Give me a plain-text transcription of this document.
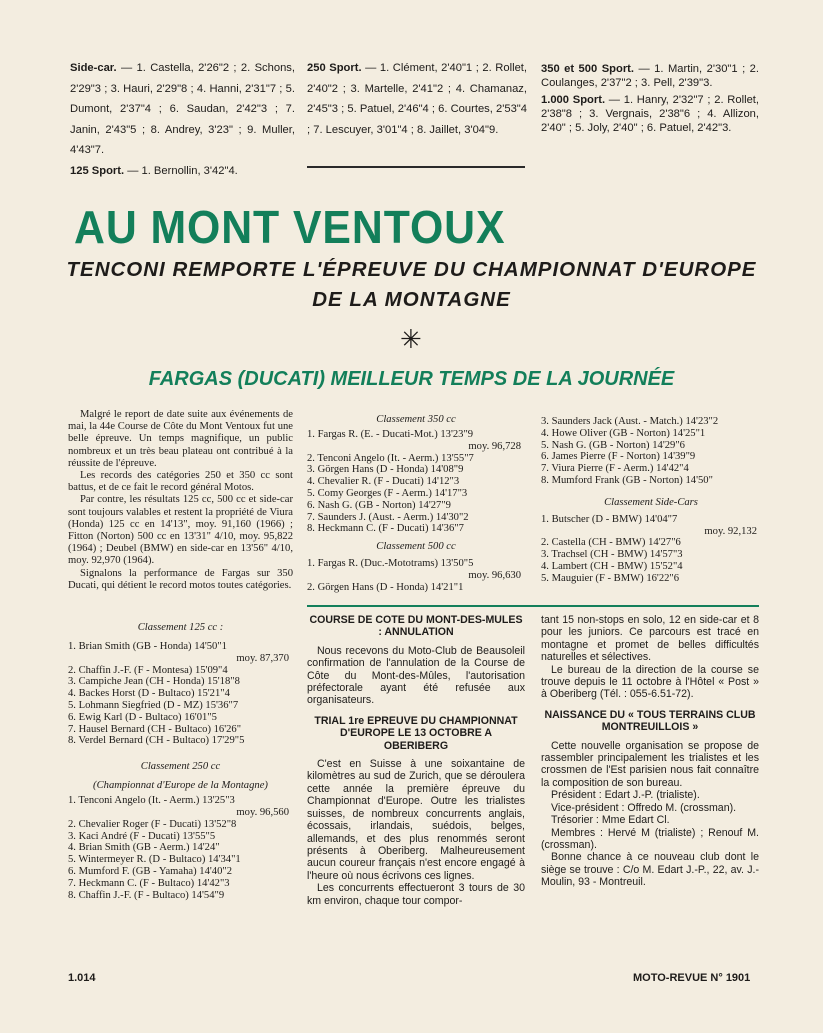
Side-car. — 1. Castella, 2'26"2 ; 2. Schons, 2'29"3 ; 3. Hauri, 2'29"8 ; 4. Hanni, 2'31"7 ; 5. Dumont, 2'37"4 ; 6. Saudan, 2'42"3 ; 7. Janin, 2'43"5 ; 8. Andrey, 3'23" ; 9. Muller, 4'43"7.

125 Sport. — 1. Bernollin, 3'42"4.

250 Sport. — 1. Clément, 2'40"1 ; 2. Rollet, 2'40"2 ; 3. Martelle, 2'41"2 ; 4. Chamanaz, 2'45"3 ; 5. Patuel, 2'46"4 ; 6. Courtes, 2'53"4 ; 7. Lescuyer, 3'01"4 ; 8. Jaillet, 3'04"9.

350 et 500 Sport. — 1. Martin, 2'30"1 ; 2. Coulanges, 2'37"2 ; 3. Pell, 2'39"3.

1.000 Sport. — 1. Hanry, 2'32"7 ; 2. Rollet, 2'38"8 ; 3. Vergnais, 2'38"6 ; 4. Allizon, 2'40" ; 5. Joly, 2'40" ; 6. Patuel, 2'42"3.

AU MONT VENTOUX
TENCONI REMPORTE L'ÉPREUVE DU CHAMPIONNAT D'EUROPE
DE LA MONTAGNE
✳
FARGAS (DUCATI) MEILLEUR TEMPS DE LA JOURNÉE

Malgré le report de date suite aux événements de mai, la 44e Course de Côte du Mont Ventoux fut une belle épreuve. Un temps magnifique, un public nombreux et un très beau plateau ont contribué à la réussite de l'épreuve.

Les records des catégories 250 et 350 cc sont battus, et de ce fait le record général Motos.

Par contre, les résultats 125 cc, 500 cc et side-car sont toujours valables et restent la propriété de Viura (Honda) 125 cc en 14'13", moy. 91,160 (1966) ; Fitton (Norton) 500 cc en 13'31" 4/10, moy. 95,822 (1964) ; Deubel (BMW) en side-car en 13'56" 4/10, moy. 92,970 (1964).

Signalons la performance de Fargas sur 350 Ducati, qui détient le record motos toutes catégories.

Classement 125 cc :
1. Brian Smith (GB - Honda) 14'50"1
moy. 87,370
2. Chaffin J.-F. (F - Montesa) 15'09"4
3. Campiche Jean (CH - Honda) 15'18"8
4. Backes Horst (D - Bultaco) 15'21"4
5. Lohmann Siegfried (D - MZ) 15'36"7
6. Ewig Karl (D - Bultaco) 16'01"5
7. Hausel Bernard (CH - Bultaco) 16'26"
8. Verdel Bernard (CH - Bultaco) 17'29"5
Classement 250 cc
(Championnat d'Europe de la Montagne)
1. Tenconi Angelo (It. - Aerm.) 13'25"3
moy. 96,560
2. Chevalier Roger (F - Ducati) 13'52"8
3. Kaci André (F - Ducati) 13'55"5
4. Brian Smith (GB - Aerm.) 14'24"
5. Wintermeyer R. (D - Bultaco) 14'34"1
6. Mumford F. (GB - Yamaha) 14'40"2
7. Heckmann C. (F - Bultaco) 14'42"3
8. Chaffin J.-F. (F - Bultaco) 14'54"9
Classement 350 cc
1. Fargas R. (E. - Ducati-Mot.) 13'23"9
moy. 96,728
2. Tenconi Angelo (It. - Aerm.) 13'55"7
3. Görgen Hans (D - Honda) 14'08"9
4. Chevalier R. (F - Ducati) 14'12"3
5. Comy Georges (F - Aerm.) 14'17"3
6. Nash G. (GB - Norton) 14'27"9
7. Saunders J. (Aust. - Aerm.) 14'30"2
8. Heckmann C. (F - Ducati) 14'36"7
Classement 500 cc
1. Fargas R. (Duc.-Mototrams) 13'50"5
moy. 96,630
2. Görgen Hans (D - Honda) 14'21"1
3. Saunders Jack (Aust. - Match.) 14'23"2
4. Howe Oliver (GB - Norton) 14'25"1
5. Nash G. (GB - Norton) 14'29"6
6. James Pierre (F - Norton) 14'39"9
7. Viura Pierre (F - Aerm.) 14'42"4
8. Mumford Frank (GB - Norton) 14'50"
Classement Side-Cars
1. Butscher (D - BMW) 14'04"7
moy. 92,132
2. Castella (CH - BMW) 14'27"6
3. Trachsel (CH - BMW) 14'57"3
4. Lambert (CH - BMW) 15'52"4
5. Mauguier (F - BMW) 16'22"6
COURSE DE COTE DU MONT-DES-MULES : ANNULATION

Nous recevons du Moto-Club de Beausoleil confirmation de l'annulation de la Course de Côte du Mont-des-Mûles, l'autorisation préfectorale ayant été refusée aux organisateurs.

TRIAL 1re EPREUVE DU CHAMPIONNAT D'EUROPE LE 13 OCTOBRE A OBERIBERG

C'est en Suisse à une soixantaine de kilomètres au sud de Zurich, que se déroulera cette année la première épreuve du Championnat d'Europe. Outre les trialistes suisses, de nombreux concurrents anglais, écossais, irlandais, suédois, belges, allemands, et des plus renommés seront présents à Oberiberg. Malheureusement aucun coureur français n'est encore engagé à l'heure où nous écrivons ces lignes.

Les concurrents effectueront 3 tours de 30 km environ, chaque tour compor-

tant 15 non-stops en solo, 12 en side-car et 8 pour les juniors. Ce parcours est tracé en montagne et promet de belles difficultés naturelles et sélectives.

Le bureau de la direction de la course se trouve depuis le 11 octobre à l'Hôtel « Post » à Oberiberg (Tél. : 055-6.51-72).

NAISSANCE DU « TOUS TERRAINS CLUB MONTREUILLOIS »

Cette nouvelle organisation se propose de rassembler principalement les trialistes et les crossmen de l'Est parisien nous fait connaître la composition de son bureau.

Président : Edart J.-P. (trialiste).

Vice-président : Offredo M. (crossman).

Trésorier : Mme Edart Cl.

Membres : Hervé M (trialiste) ; Renouf M. (crossman).

Bonne chance à ce nouveau club dont le siège se trouve : C/o M. Edart J.-P., 22, av. J.-Moulin, 93 - Montreuil.

1.014	MOTO-REVUE N° 1901
